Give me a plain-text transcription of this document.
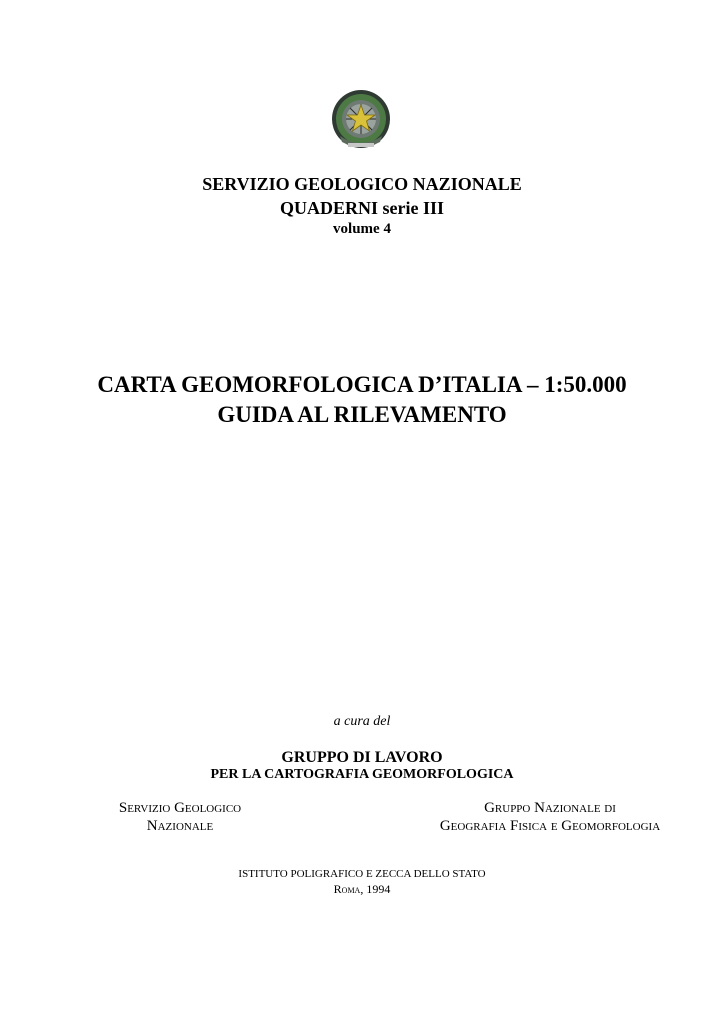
SERVIZIO GEOLOGICO NAZIONALE
QUADERNI serie III
volume 4
CARTA GEOMORFOLOGICA D’ITALIA – 1:50.000
GUIDA AL RILEVAMENTO
a cura del
GRUPPO DI LAVORO
PER LA CARTOGRAFIA GEOMORFOLOGICA
Servizio Geologico
Nazionale
Gruppo Nazionale di
Geografia Fisica e Geomorfologia
ISTITUTO POLIGRAFICO E ZECCA DELLO STATO
Roma, 1994
